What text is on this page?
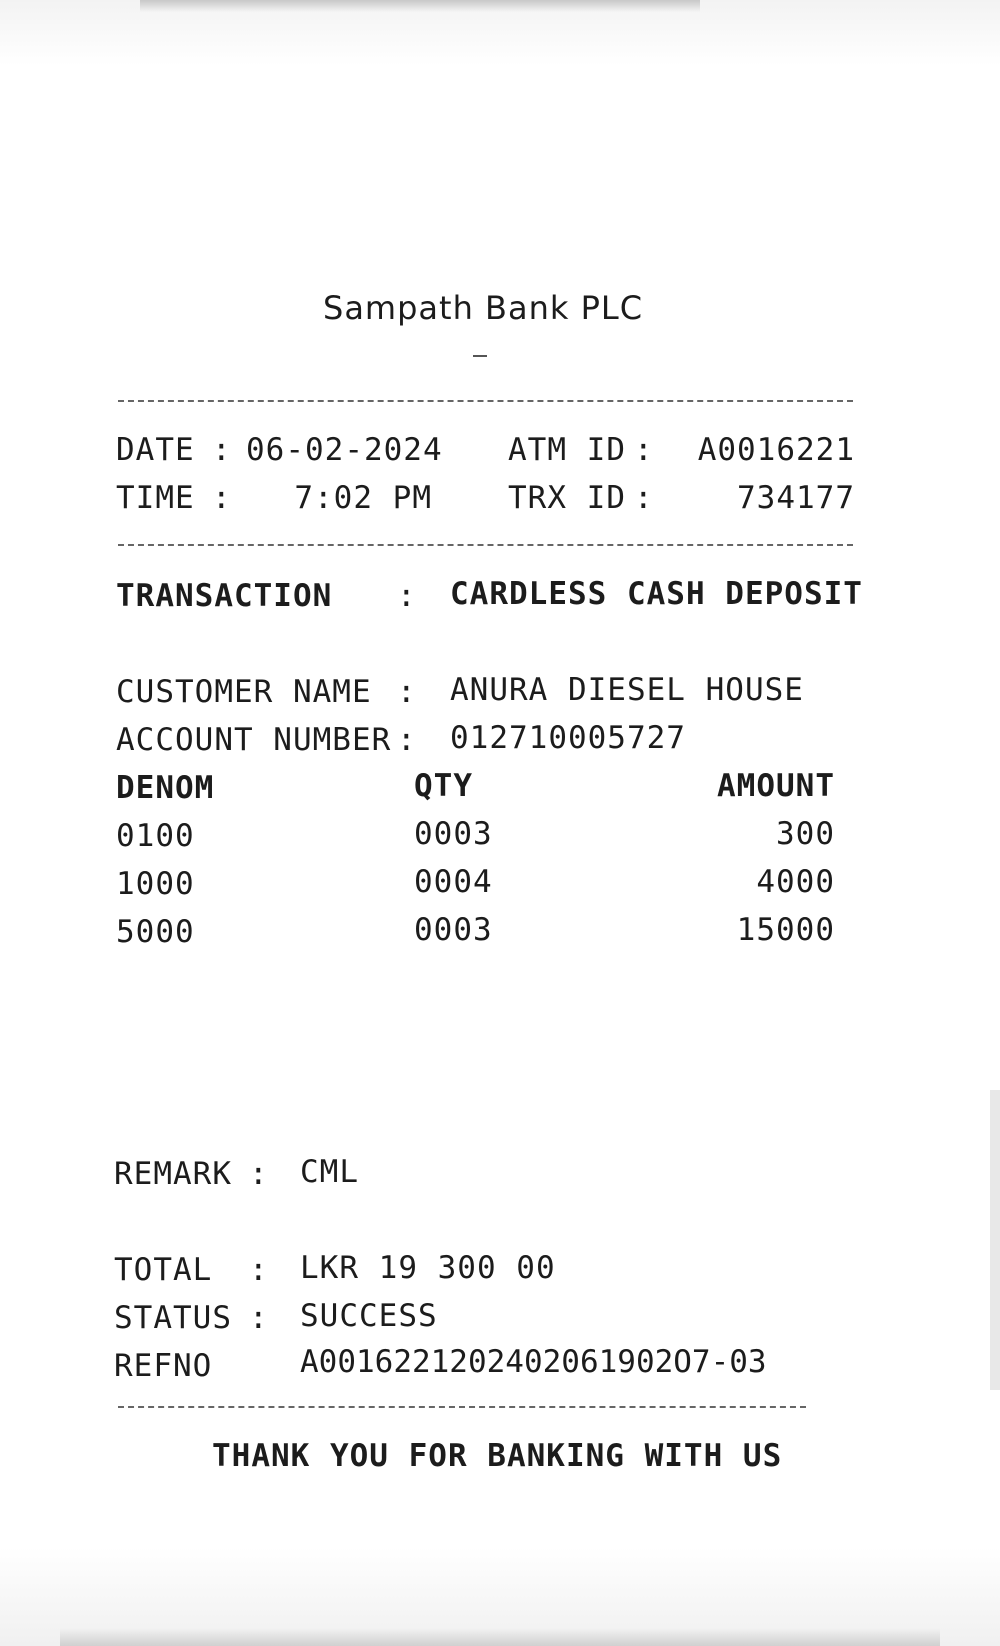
Sampath Bank PLC
DATE : 06-02-2024 ATM ID :	A0016221
TIME :	7:02 PM TRX ID :	734177
TRANSACTION : CARDLESS CASH DEPOSIT
CUSTOMER NAME : ANURA DIESEL HOUSE
ACCOUNT NUMBER : 012710005727
DENOM	QTY	AMOUNT
0100	0003	300
1000	0004	4000
5000	0003	15000
REMARK : CML
TOTAL : LKR 19 300 00
STATUS : SUCCESS
REFNO	A0016221202402061902O7-03
THANK YOU FOR BANKING WITH US
